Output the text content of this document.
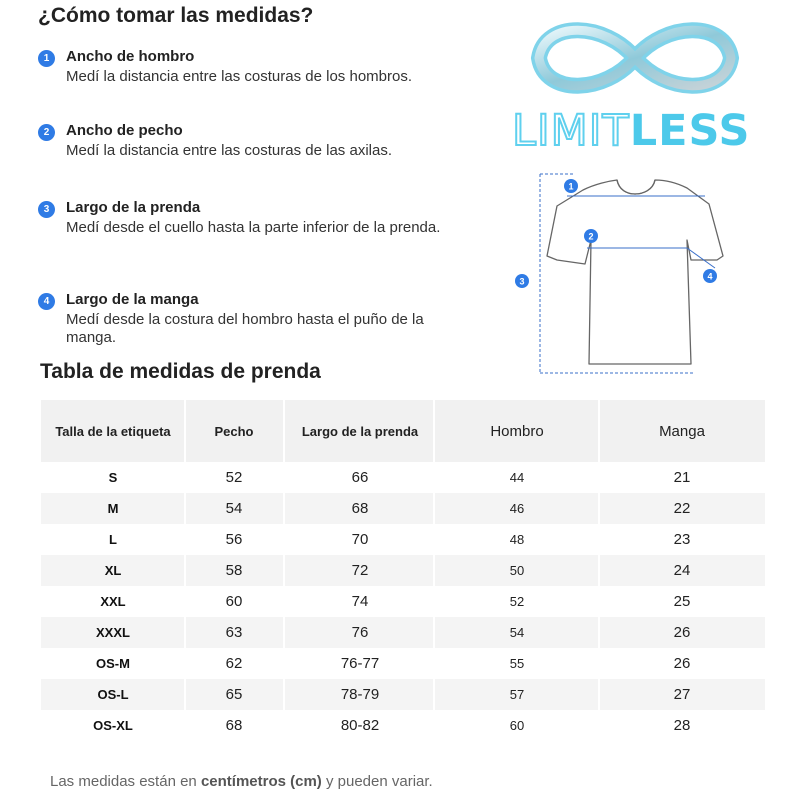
¿Cómo tomar las medidas?
1	Ancho de hombro
Medí la distancia entre las costuras de los hombros.
2	Ancho de pecho
Medí la distancia entre las costuras de las axilas.
3	Largo de la prenda
Medí desde el cuello hasta la parte inferior de la prenda.
4	Largo de la manga
Medí desde la costura del hombro hasta el puño de la manga.
LIMITLESS
1
2
3	4
Tabla de medidas de prenda
Talla de la etiqueta	Pecho	Largo de la prenda	Hombro	Manga
S	52	66	44	21
M	54	68	46	22
L	56	70	48	23
XL	58	72	50	24
XXL	60	74	52	25
XXXL	63	76	54	26
OS-M	62	76-77	55	26
OS-L	65	78-79	57	27
OS-XL	68	80-82	60	28
Las medidas están en centímetros (cm) y pueden variar.
